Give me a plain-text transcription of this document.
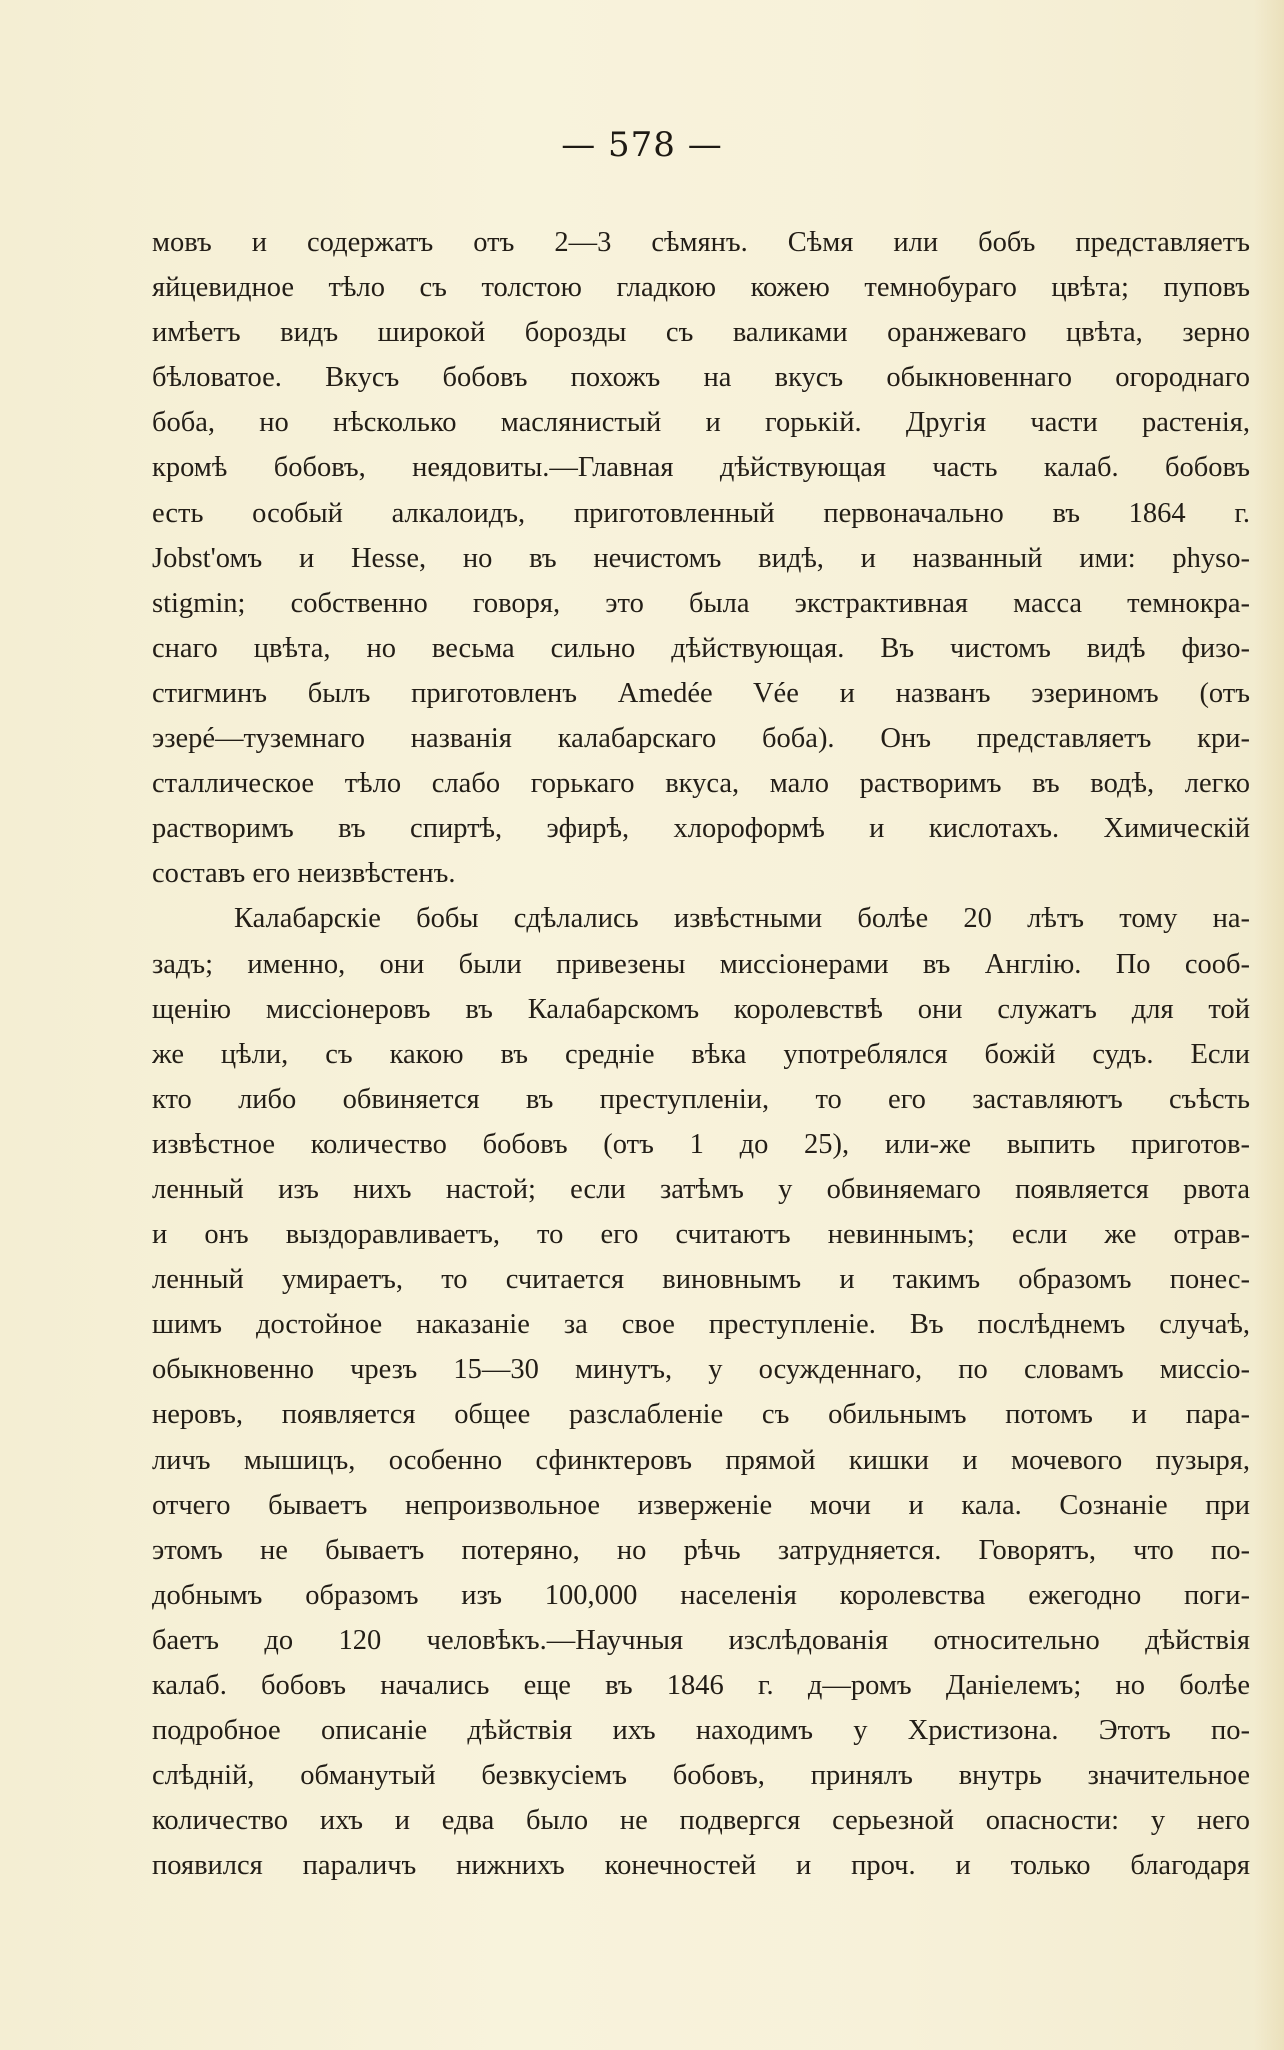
— 578 —
мовъ и содержатъ отъ 2—3 сѣмянъ. Сѣмя или бобъ представляетъ
яйцевидное тѣло съ толстою гладкою кожею темнобураго цвѣта; пуповъ
имѣетъ видъ широкой борозды съ валиками оранжеваго цвѣта, зерно
бѣловатое. Вкусъ бобовъ похожъ на вкусъ обыкновеннаго огороднаго
боба, но нѣсколько маслянистый и горькій. Другія части растенія,
кромѣ бобовъ, неядовиты.—Главная дѣйствующая часть калаб. бобовъ
есть особый алкалоидъ, приготовленный первоначально въ 1864 г.
Jobst'омъ и Hesse, но въ нечистомъ видѣ, и названный ими: physo-
stigmin; собственно говоря, это была экстрактивная масса темнокра-
снаго цвѣта, но весьма сильно дѣйствующая. Въ чистомъ видѣ физо-
стигминъ былъ приготовленъ Amedée Vée и названъ эзериномъ (отъ
эзерé—туземнаго названія калабарскаго боба). Онъ представляетъ кри-
сталлическое тѣло слабо горькаго вкуса, мало растворимъ въ водѣ, легко
растворимъ въ спиртѣ, эфирѣ, хлороформѣ и кислотахъ. Химическій
составъ его неизвѣстенъ.
Калабарскіе бобы сдѣлались извѣстными болѣе 20 лѣтъ тому на-
задъ; именно, они были привезены миссіонерами въ Англію. По сооб-
щенію миссіонеровъ въ Калабарскомъ королевствѣ они служатъ для той
же цѣли, съ какою въ средніе вѣка употреблялся божій судъ. Если
кто либо обвиняется въ преступленіи, то его заставляютъ съѣсть
извѣстное количество бобовъ (отъ 1 до 25), или-же выпить приготов-
ленный изъ нихъ настой; если затѣмъ у обвиняемаго появляется рвота
и онъ выздоравливаетъ, то его считаютъ невиннымъ; если же отрав-
ленный умираетъ, то считается виновнымъ и такимъ образомъ понес-
шимъ достойное наказаніе за свое преступленіе. Въ послѣднемъ случаѣ,
обыкновенно чрезъ 15—30 минутъ, у осужденнаго, по словамъ миссіо-
неровъ, появляется общее разслабленіе съ обильнымъ потомъ и пара-
личъ мышицъ, особенно сфинктеровъ прямой кишки и мочевого пузыря,
отчего бываетъ непроизвольное изверженіе мочи и кала. Сознаніе при
этомъ не бываетъ потеряно, но рѣчь затрудняется. Говорятъ, что по-
добнымъ образомъ изъ 100,000 населенія королевства ежегодно поги-
баетъ до 120 человѣкъ.—Научныя изслѣдованія относительно дѣйствія
калаб. бобовъ начались еще въ 1846 г. д—ромъ Даніелемъ; но болѣе
подробное описаніе дѣйствія ихъ находимъ у Христизона. Этотъ по-
слѣдній, обманутый безвкусіемъ бобовъ, принялъ внутрь значительное
количество ихъ и едва было не подвергся серьезной опасности: у него
появился параличъ нижнихъ конечностей и проч. и только благодаря
